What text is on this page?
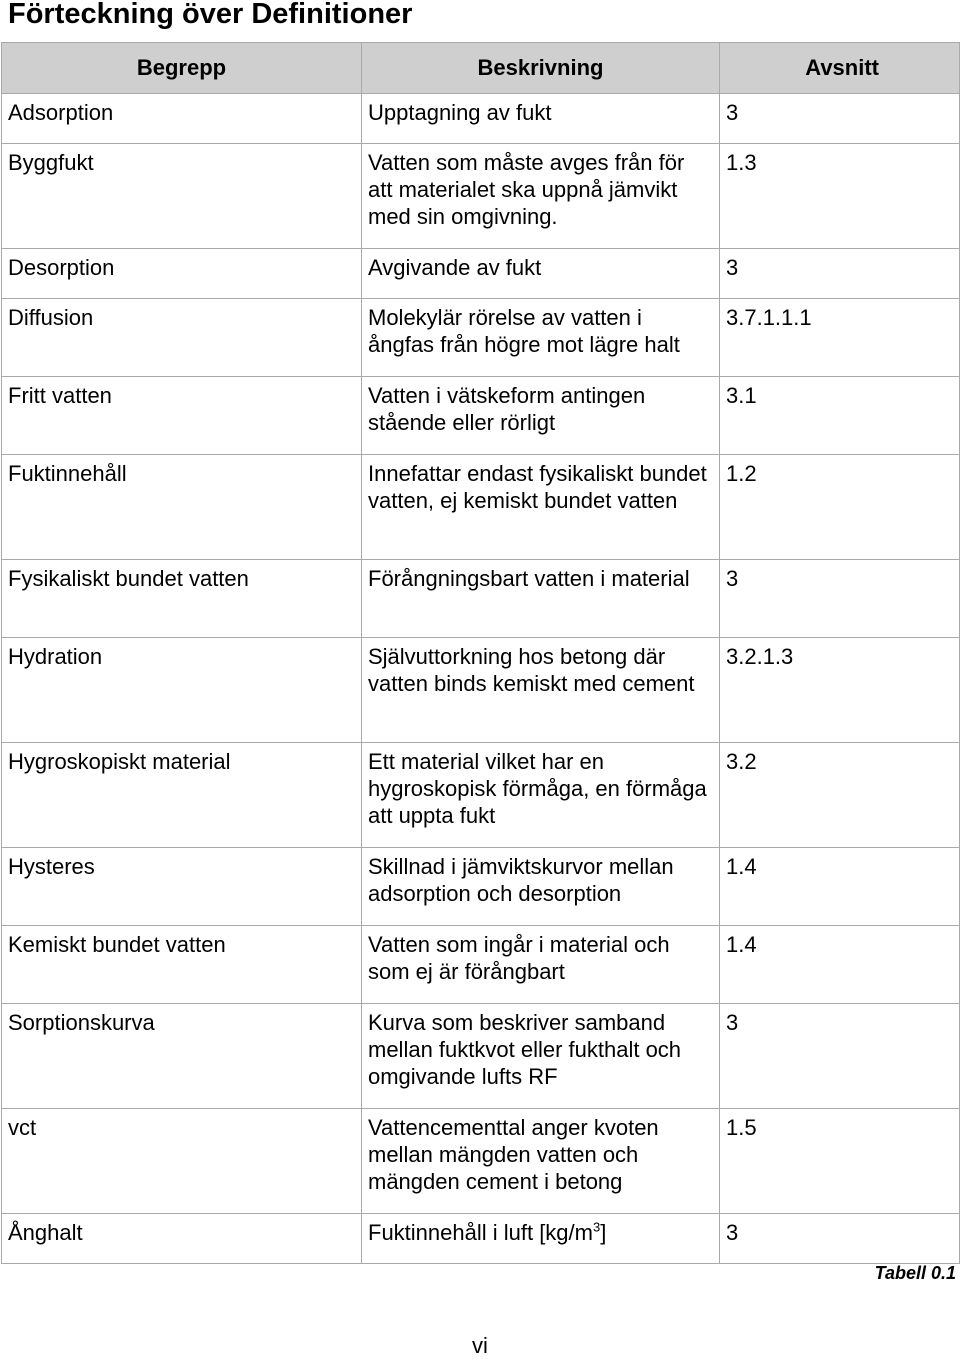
Förteckning över Definitioner
Begrepp	Beskrivning	Avsnitt
Adsorption	Upptagning av fukt	3
Byggfukt	Vatten som måste avges från för att materialet ska uppnå jämvikt med sin omgivning.	1.3
Desorption	Avgivande av fukt	3
Diffusion	Molekylär rörelse av vatten i ångfas från högre mot lägre halt	3.7.1.1.1
Fritt vatten	Vatten i vätskeform antingen stående eller rörligt	3.1
Fuktinnehåll	Innefattar endast fysikaliskt bundet vatten, ej kemiskt bundet vatten	1.2
Fysikaliskt bundet vatten	Förångningsbart vatten i material	3
Hydration	Självuttorkning hos betong där vatten binds kemiskt med cement	3.2.1.3
Hygroskopiskt material	Ett material vilket har en hygroskopisk förmåga, en förmåga att uppta fukt	3.2
Hysteres	Skillnad i jämviktskurvor mellan adsorption och desorption	1.4
Kemiskt bundet vatten	Vatten som ingår i material och som ej är förångbart	1.4
Sorptionskurva	Kurva som beskriver samband mellan fuktkvot eller fukthalt och omgivande lufts RF	3
vct	Vattencementtal anger kvoten mellan mängden vatten och mängden cement i betong	1.5
Ånghalt	Fuktinnehåll i luft $[kg/m^3]$	3

Tabell 0.1

vi
